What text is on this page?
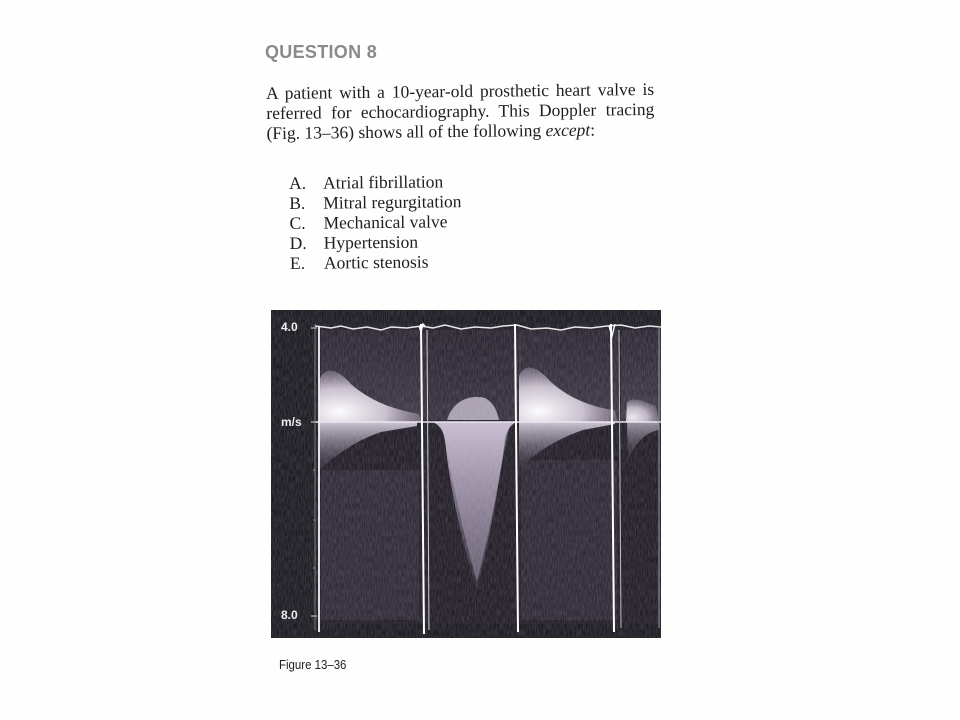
QUESTION 8

A patient with a 10-year-old prosthetic heart valve is referred for echocardiography. This Doppler tracing (Fig. 13–36) shows all of the following except:

A. Atrial fibrillation
B.	Mitral regurgitation
C.	Mechanical valve
D. Hypertension
E.	Aortic stenosis
4.0
m/s
8.0
Figure 13–36
